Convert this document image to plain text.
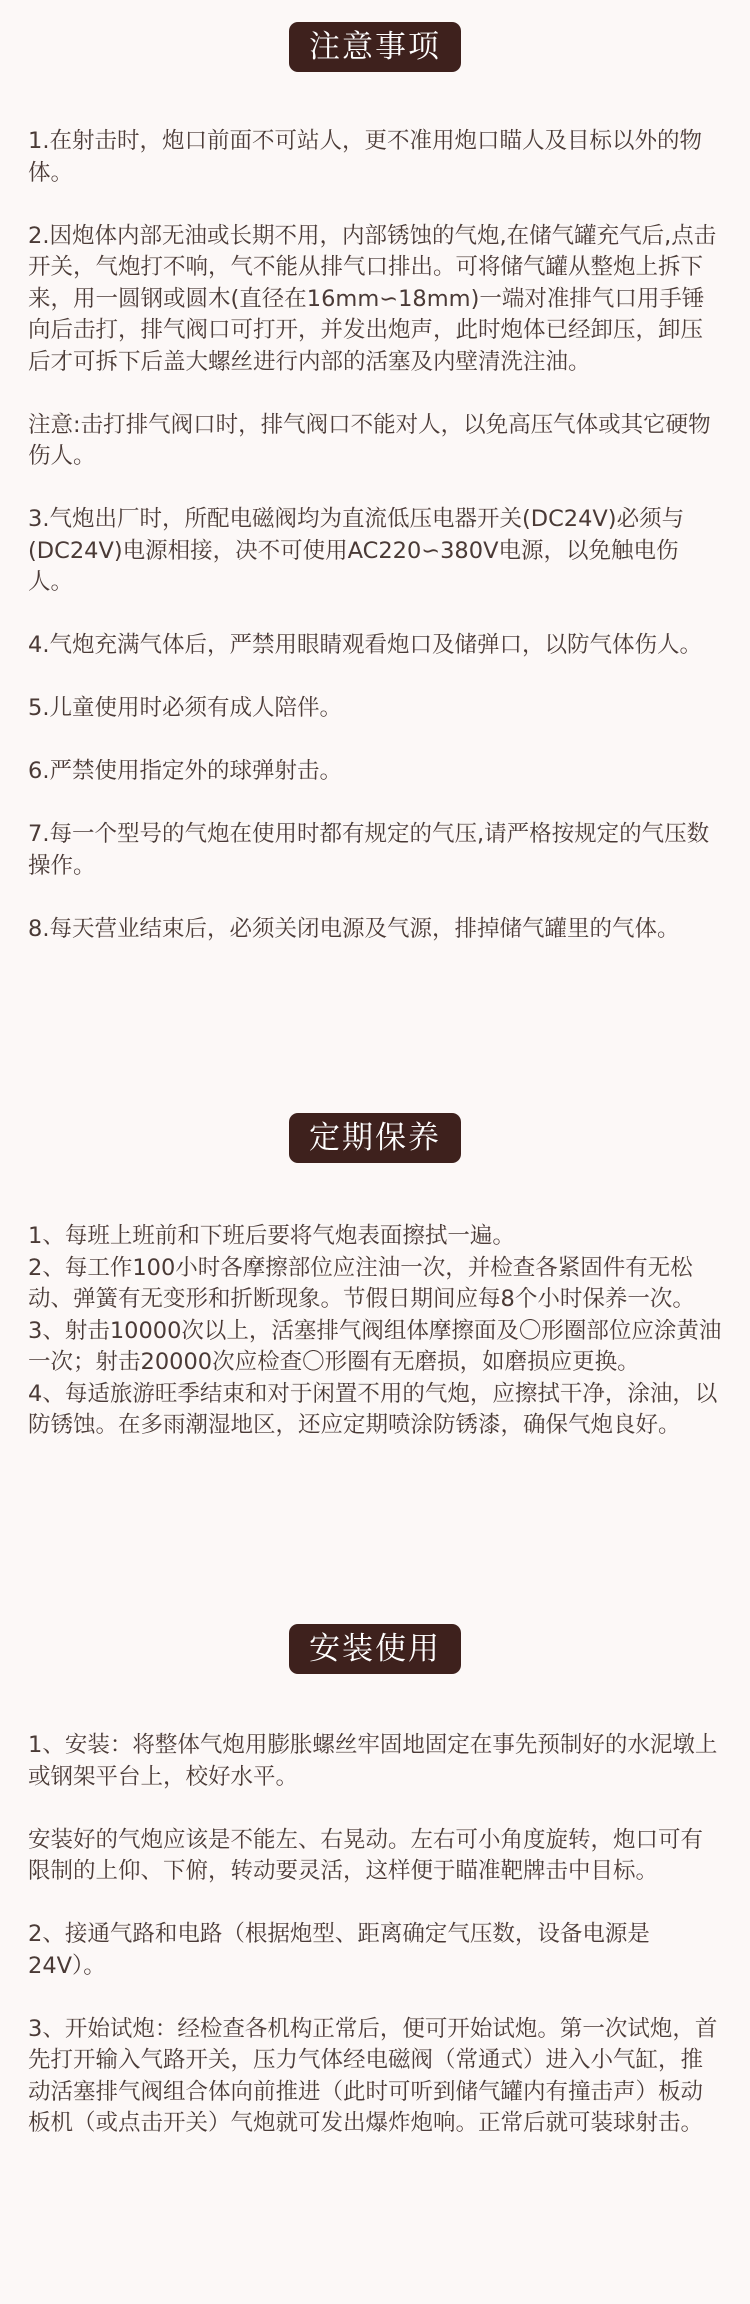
注意事项

1.在射击时，炮口前面不可站人，更不准用炮口瞄人及目标以外的物体。

2.因炮体内部无油或长期不用，内部锈蚀的气炮,在储气罐充气后,点击开关，气炮打不响，气不能从排气口排出。可将储气罐从整炮上拆下来，用一圆钢或圆木(直径在16mm∽18mm)一端对准排气口用手锤向后击打，排气阀口可打开，并发出炮声，此时炮体已经卸压，卸压后才可拆下后盖大螺丝进行内部的活塞及内壁清洗注油。

注意:击打排气阀口时，排气阀口不能对人，以免高压气体或其它硬物伤人。

3.气炮出厂时，所配电磁阀均为直流低压电器开关(DC24V)必须与(DC24V)电源相接，决不可使用AC220∽380V电源，以免触电伤人。

4.气炮充满气体后，严禁用眼睛观看炮口及储弹口，以防气体伤人。

5.儿童使用时必须有成人陪伴。

6.严禁使用指定外的球弹射击。

7.每一个型号的气炮在使用时都有规定的气压,请严格按规定的气压数操作。

8.每天营业结束后，必须关闭电源及气源，排掉储气罐里的气体。

定期保养

1、每班上班前和下班后要将气炮表面擦拭一遍。

2、每工作100小时各摩擦部位应注油一次，并检查各紧固件有无松动、弹簧有无变形和折断现象。节假日期间应每8个小时保养一次。

3、射击10000次以上，活塞排气阀组体摩擦面及〇形圈部位应涂黄油一次；射击20000次应检查〇形圈有无磨损，如磨损应更换。

4、每适旅游旺季结束和对于闲置不用的气炮，应擦拭干净，涂油，以防锈蚀。在多雨潮湿地区，还应定期喷涂防锈漆，确保气炮良好。

安装使用

1、安装：将整体气炮用膨胀螺丝牢固地固定在事先预制好的水泥墩上或钢架平台上，校好水平。

安装好的气炮应该是不能左、右晃动。左右可小角度旋转，炮口可有限制的上仰、下俯，转动要灵活，这样便于瞄准靶牌击中目标。

2、接通气路和电路（根据炮型、距离确定气压数，设备电源是24V）。

3、开始试炮：经检查各机构正常后，便可开始试炮。第一次试炮，首先打开输入气路开关，压力气体经电磁阀（常通式）进入小气缸，推动活塞排气阀组合体向前推进（此时可听到储气罐内有撞击声）板动板机（或点击开关）气炮就可发出爆炸炮响。正常后就可装球射击。
